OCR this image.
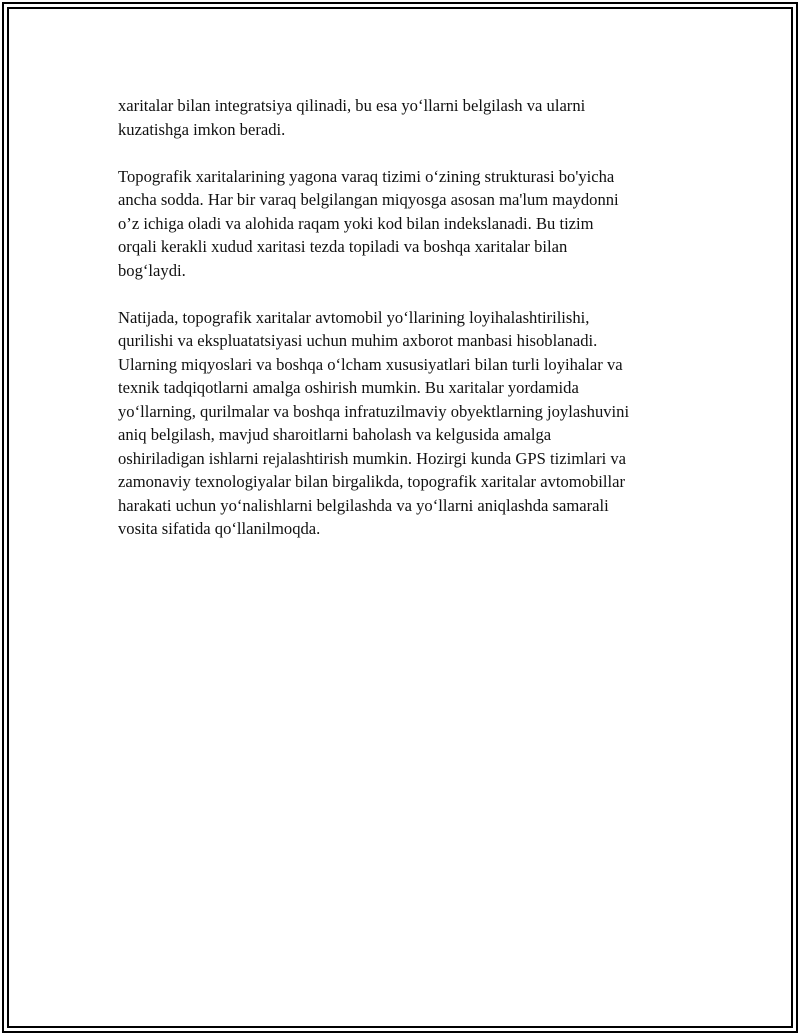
xaritalar bilan integratsiya qilinadi, bu esa yo‘llarni belgilash va ularni
kuzatishga imkon beradi.

Topografik xaritalarining yagona varaq tizimi o‘zining strukturasi bo'yicha
ancha sodda. Har bir varaq belgilangan miqyosga asosan ma'lum maydonni
o’z ichiga oladi va alohida raqam yoki kod bilan indekslanadi. Bu tizim
orqali kerakli xudud xaritasi tezda topiladi va boshqa xaritalar bilan
bog‘laydi.

Natijada, topografik xaritalar avtomobil yo‘llarining loyihalashtirilishi,
qurilishi va ekspluatatsiyasi uchun muhim axborot manbasi hisoblanadi.
Ularning miqyoslari va boshqa o‘lcham xususiyatlari bilan turli loyihalar va
texnik tadqiqotlarni amalga oshirish mumkin. Bu xaritalar yordamida
yo‘llarning, qurilmalar va boshqa infratuzilmaviy obyektlarning joylashuvini
aniq belgilash, mavjud sharoitlarni baholash va kelgusida amalga
oshiriladigan ishlarni rejalashtirish mumkin. Hozirgi kunda GPS tizimlari va
zamonaviy texnologiyalar bilan birgalikda, topografik xaritalar avtomobillar
harakati uchun yo‘nalishlarni belgilashda va yo‘llarni aniqlashda samarali
vosita sifatida qo‘llanilmoqda.
